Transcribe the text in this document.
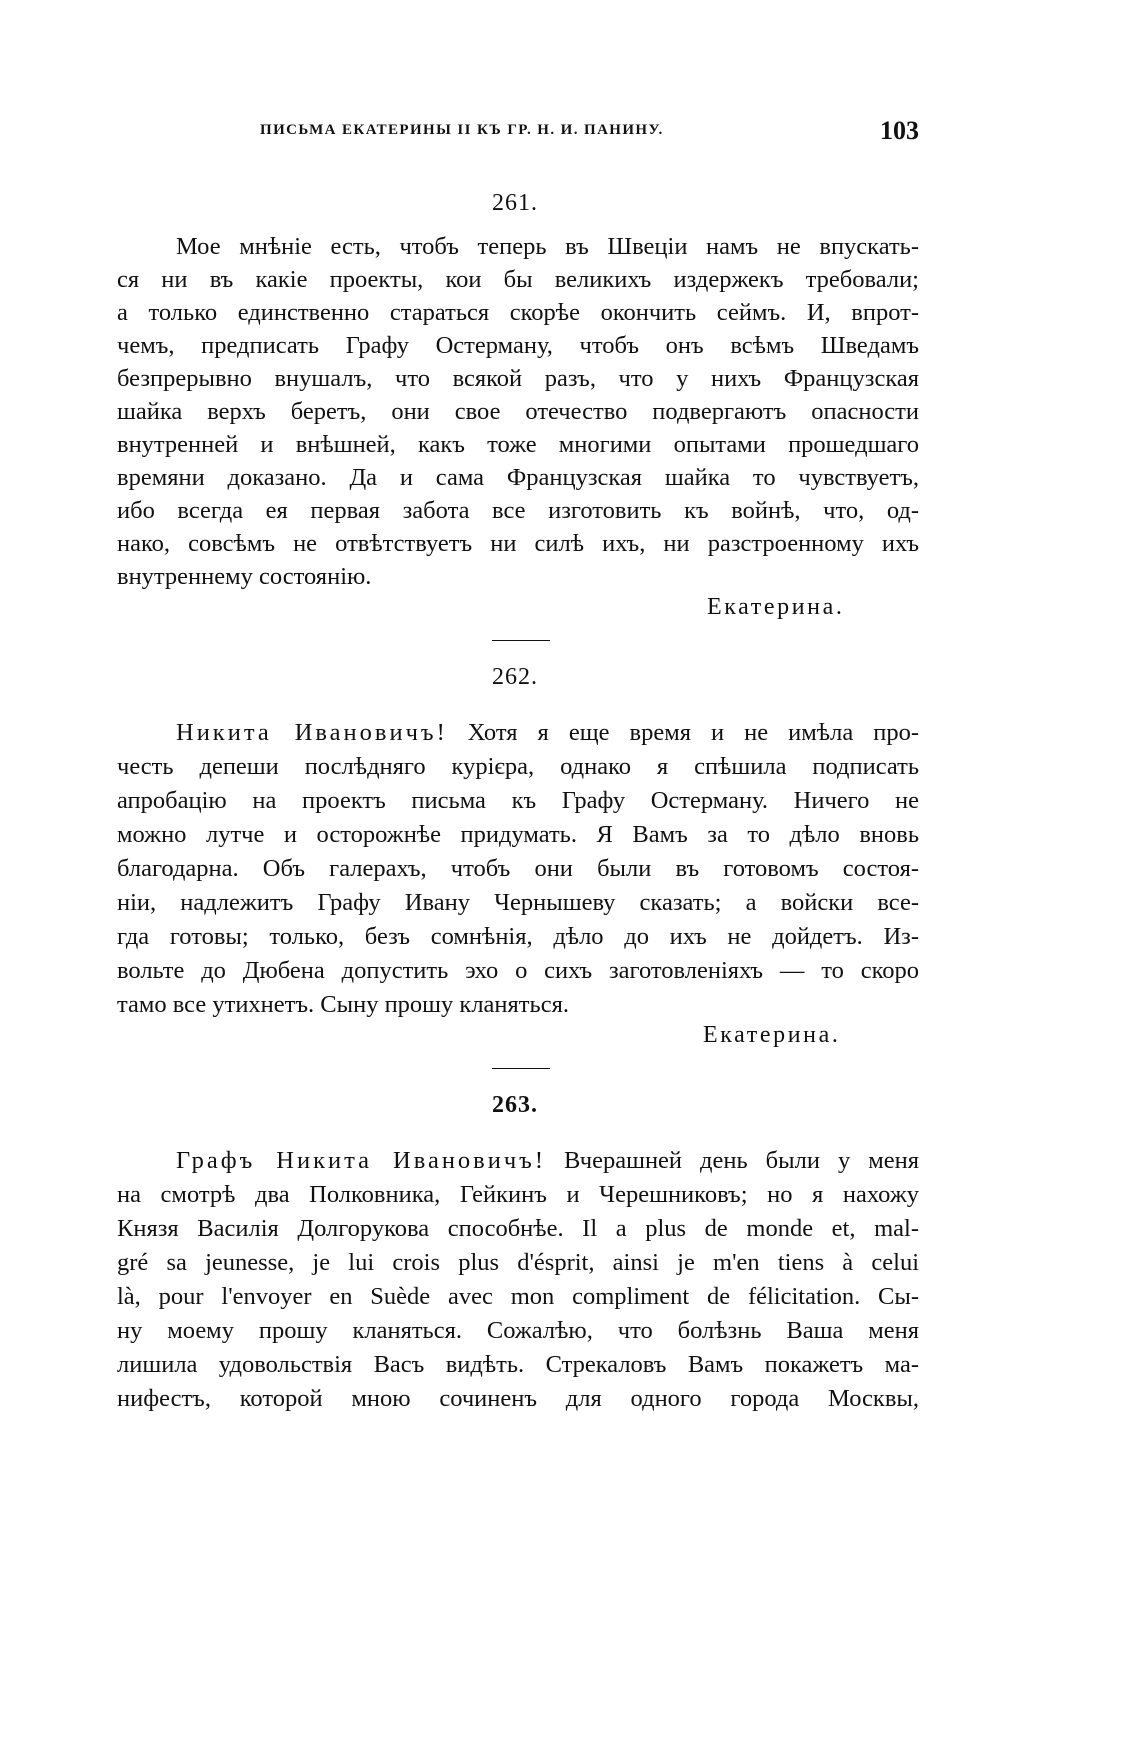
ПИСЬМА ЕКАТЕРИНЫ II КЪ ГР. Н. И. ПАНИНУ.	103
261.
Мое мнѣніе есть, чтобъ теперь въ Швеціи намъ не впускать-
ся ни въ какіе проекты, кои бы великихъ издержекъ требовали;
а только единственно стараться скорѣе окончить сеймъ. И, впрот-
чемъ, предписать Графу Остерману, чтобъ онъ всѣмъ Шведамъ
безпрерывно внушалъ, что всякой разъ, что у нихъ Французская
шайка верхъ беретъ, они свое отечество подвергаютъ опасности
внутренней и внѣшней, какъ тоже многими опытами прошедшаго
времяни доказано. Да и сама Французская шайка то чувствуетъ,
ибо всегда ея первая забота все изготовить къ войнѣ, что, од-
нако, совсѣмъ не отвѣтствуетъ ни силѣ ихъ, ни разстроенному ихъ
внутреннему состоянію.
Екатерина.
262.
Никита Ивановичъ! Хотя я еще время и не имѣла про-
честь депеши послѣдняго курієра, однако я спѣшила подписать
апробацію на проектъ письма къ Графу Остерману. Ничего не
можно лутче и осторожнѣе придумать. Я Вамъ за то дѣло вновь
благодарна. Объ галерахъ, чтобъ они были въ готовомъ состоя-
ніи, надлежитъ Графу Ивану Чернышеву сказать; а войски все-
гда готовы; только, безъ сомнѣнія, дѣло до ихъ не дойдетъ. Из-
вольте до Дюбена допустить эхо о сихъ заготовленіяхъ — то скоро
тамо все утихнетъ. Сыну прошу кланяться.
Екатерина.
263.
Графъ Никита Ивановичъ! Вчерашней день были у меня
на смотрѣ два Полковника, Гейкинъ и Черешниковъ; но я нахожу
Князя Василія Долгорукова способнѣе. Il a plus de monde et, mal-
gré sa jeunesse, je lui crois plus d'ésprit, ainsi je m'en tiens à celui
là, pour l'envoyer en Suède avec mon compliment de félicitation. Сы-
ну моему прошу кланяться. Сожалѣю, что болѣзнь Ваша меня
лишила удовольствія Васъ видѣть. Стрекаловъ Вамъ покажетъ ма-
нифестъ, которой мною сочиненъ для одного города Москвы,
